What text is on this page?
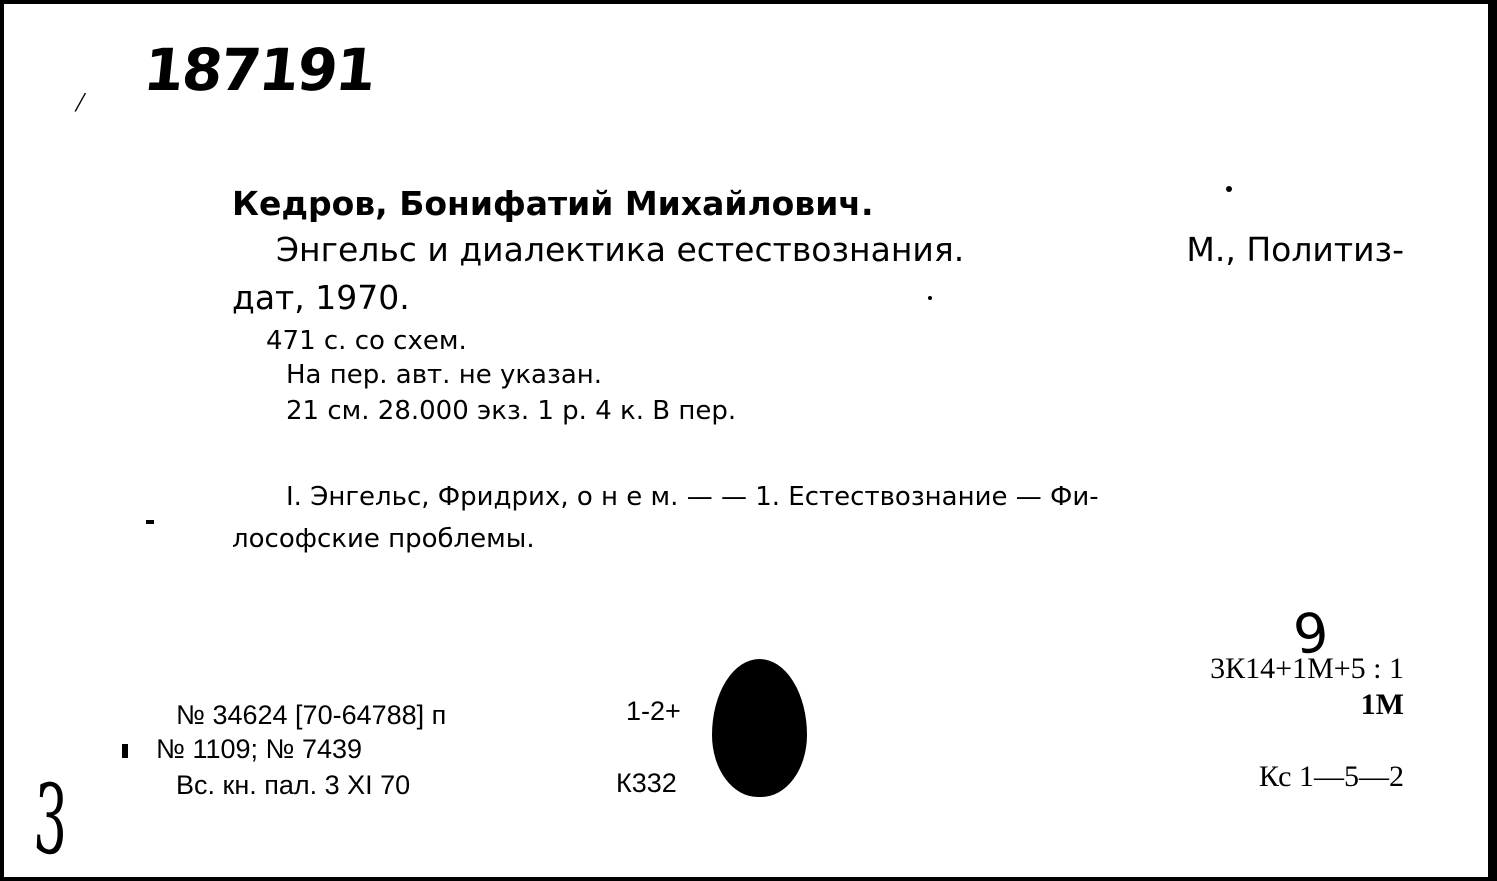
187191
/
Кедров, Бонифатий Михайлович.
Энгельс и диалектика естествознания.	М., Политиз-
дат, 1970.
471 с. со схем.
На пер. авт. не указан.
21 см. 28.000 экз. 1 р. 4 к. В пер.
I. Энгельс, Фридрих, о н е м. — — 1. Естествознание — Фи-
лософские проблемы.
9
3К14+1М+5 : 1
1М
Кс 1—5—2
№ 34624 [70-64788] п	1-2+
№ 1109; № 7439
Вс. кн. пал. 3 XI 70	К332
3
